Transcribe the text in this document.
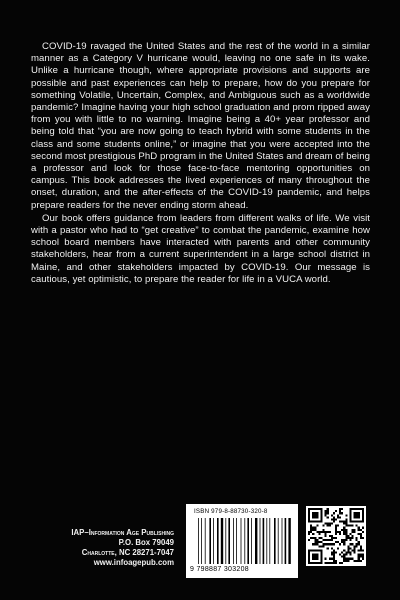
COVID-19 ravaged the United States and the rest of the world in a similar manner as a Category V hurricane would, leaving no one safe in its wake. Unlike a hurricane though, where appropriate provisions and supports are possible and past experiences can help to prepare, how do you prepare for something Volatile, Uncertain, Complex, and Ambiguous such as a worldwide pandemic? Imagine having your high school graduation and prom ripped away from you with little to no warning. Imagine being a 40+ year professor and being told that “you are now going to teach hybrid with some students in the class and some students online,” or imagine that you were accepted into the second most prestigious PhD program in the United States and dream of being a professor and look for those face-to-face mentoring opportunities on campus. This book addresses the lived experiences of many throughout the onset, duration, and the after-effects of the COVID-19 pandemic, and helps prepare readers for the never ending storm ahead.

Our book offers guidance from leaders from different walks of life. We visit with a pastor who had to “get creative” to combat the pandemic, examine how school board members have interacted with parents and other community stakeholders, hear from a current superintendent in a large school district in Maine, and other stakeholders impacted by COVID-19. Our message is cautious, yet optimistic, to prepare the reader for life in a VUCA world.

IAP–Information Age Publishing
P.O. Box 79049
Charlotte, NC 28271-7047
www.infoagepub.com
ISBN 979-8-88730-320-8
9 798887 303208
